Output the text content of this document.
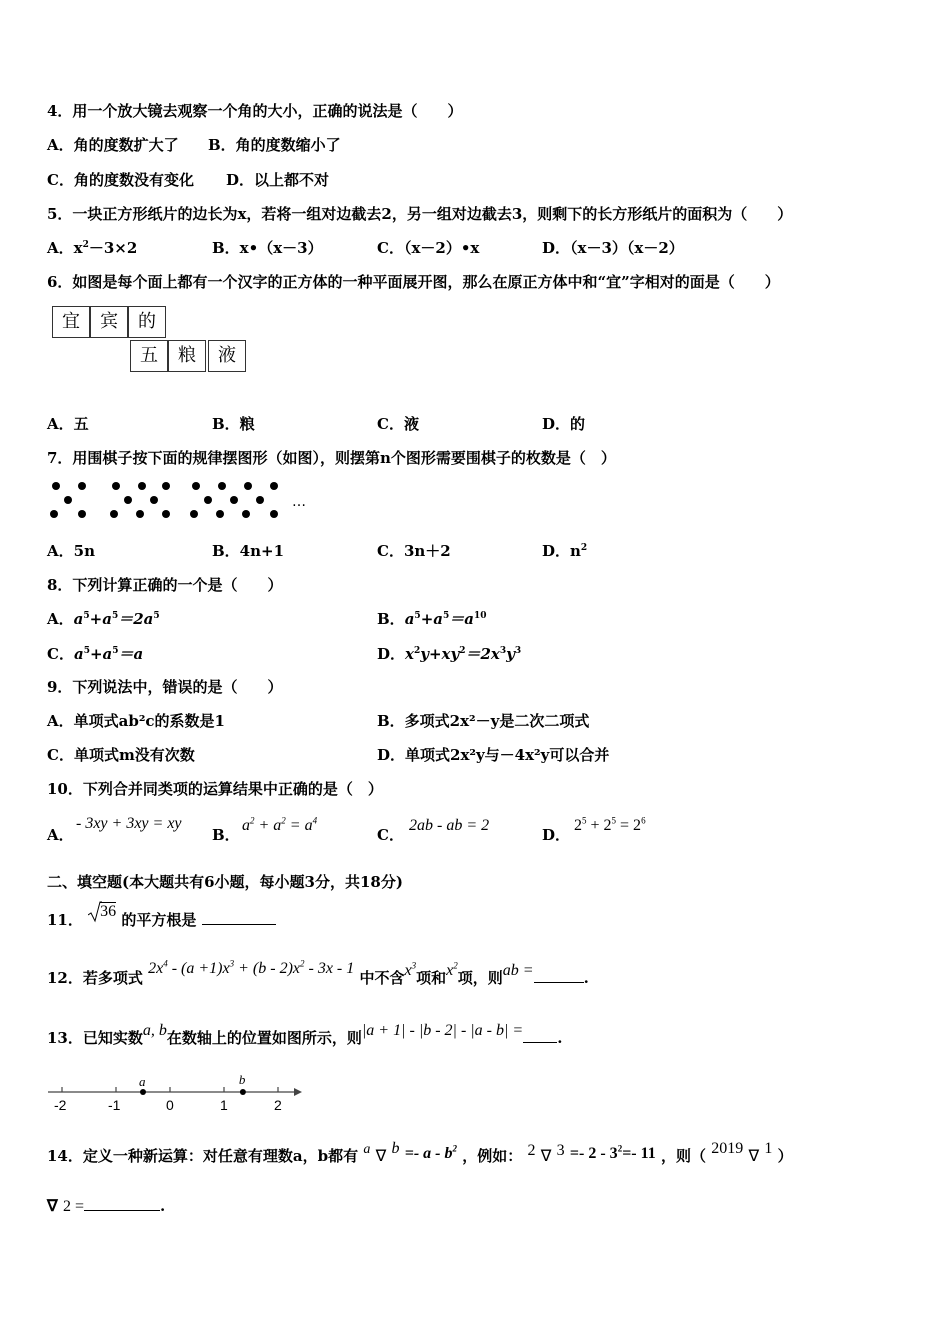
4．用一个放大镜去观察一个角的大小，正确的说法是（　　）
A．角的度数扩大了 B．角的度数缩小了
C．角的度数没有变化 D．以上都不对
5．一块正方形纸片的边长为x，若将一组对边截去2，另一组对边截去3，则剩下的长方形纸片的面积为（　　）
A．$x^2-3\times 2$	B．x•（x－3）	C．（x－2）•x	D．（x－3）（x－2）
6．如图是每个面上都有一个汉字的正方体的一种平面展开图，那么在原正方体中和“宜”字相对的面是（　　）
宜	宾	的
五	粮	液
A．五	B．粮	C．液	D．的
7．用围棋子按下面的规律摆图形（如图），则摆第n个图形需要围棋子的枚数是（　）
…
A．5n	B．4n+1	C．3n＋2	D．$n^2$
8．下列计算正确的一个是（　　）
A．$a^5+a^5=2a^5$	B．$a^5+a^5=a^{10}$
C．$a^5+a^5=a$	D．$x^2y+xy^2=2x^3y^3$
9．下列说法中，错误的是（　　）
A．单项式ab²c的系数是1	B．多项式2x²－y是二次二项式
C．单项式m没有次数	D．单项式2x²y与－4x²y可以合并
10．下列合并同类项的运算结果中正确的是（　）
A．
- 3xy + 3xy = xy
B．
$a^2 + a^2 = a^4$
C．
2ab - ab = 2
D．
$2^5 + 2^5 = 2^6$
二、填空题(本大题共有6小题，每小题3分，共18分)
11． 36 的平方根是
12．若多项式 $2x^4 - (a +1)x^3 + (b - 2)x^2 - 3x - 1$ 中不含$x^3$项和$x^2$项，则ab =	.
13．已知实数a, b在数轴上的位置如图所示，则|a + 1| - |b - 2| - |a - b| = .
-2	-1	0	1	2
a	b
14．定义一种新运算：对任意有理数a，b都有 a ∇ $b =- a - b^2$ ，例如： 2 ∇ $3 =- 2 - 3^2=-$ 11 ，则（ 2019 ∇ 1 ）
∇ 2 =	.
